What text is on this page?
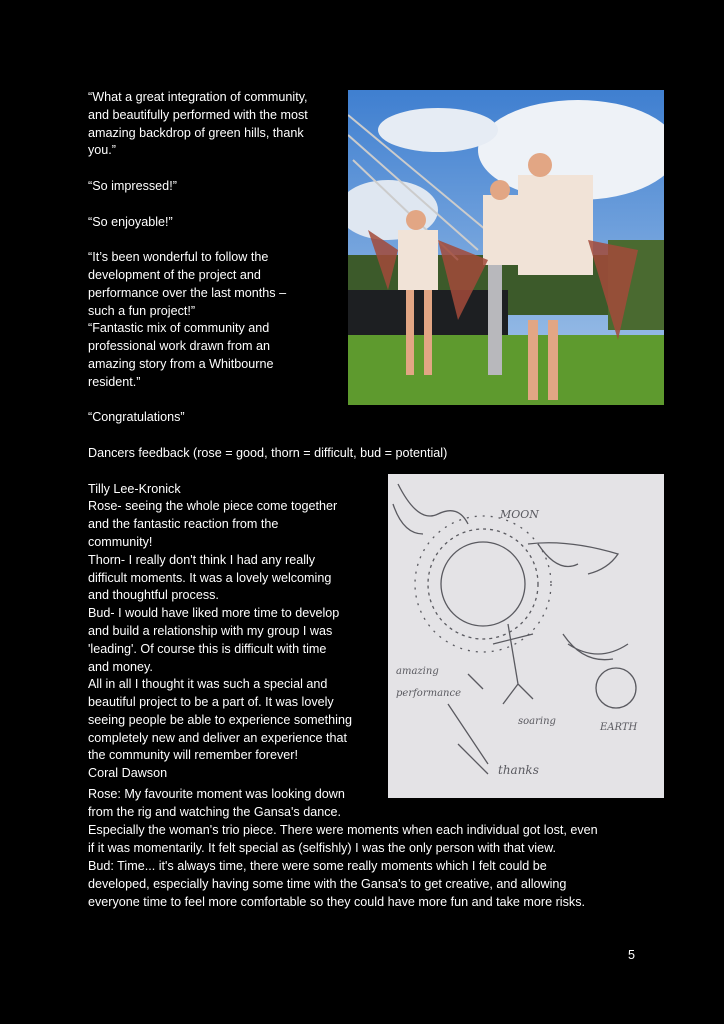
“What a great integration of community,
and beautifully performed with the most
amazing backdrop of green hills, thank
you.”
“So impressed!”
“So enjoyable!”
“It’s been wonderful to follow the
development of the project and
performance over the last months –
such a fun project!”
“Fantastic mix of community and
professional work drawn from an
amazing story from a Whitbourne
resident.”
“Congratulations”
Dancers feedback (rose = good, thorn = difficult, bud = potential)
Tilly Lee-Kronick
Rose- seeing the whole piece come together
and the fantastic reaction from the
community!
Thorn- I really don't think I had any really
difficult moments. It was a lovely welcoming
and thoughtful process.
Bud- I would have liked more time to develop
and build a relationship with my group I was
'leading'. Of course this is difficult with time
and money.
All in all I thought it was such a special and
beautiful project to be a part of. It was lovely
seeing people be able to experience something
completely new and deliver an experience that
the community will remember forever!
Coral Dawson
MOON
amazing
performance
soaring
thanks
EARTH
Rose: My favourite moment was looking down
from the rig and watching the Gansa's dance.
Especially the woman's trio piece. There were moments when each individual got lost, even
if it was momentarily. It felt special as (selfishly) I was the only person with that view.
Bud: Time... it's always time, there were some really moments which I felt could be
developed, especially having some time with the Gansa's to get creative, and allowing
everyone time to feel more comfortable so they could have more fun and take more risks.
5
